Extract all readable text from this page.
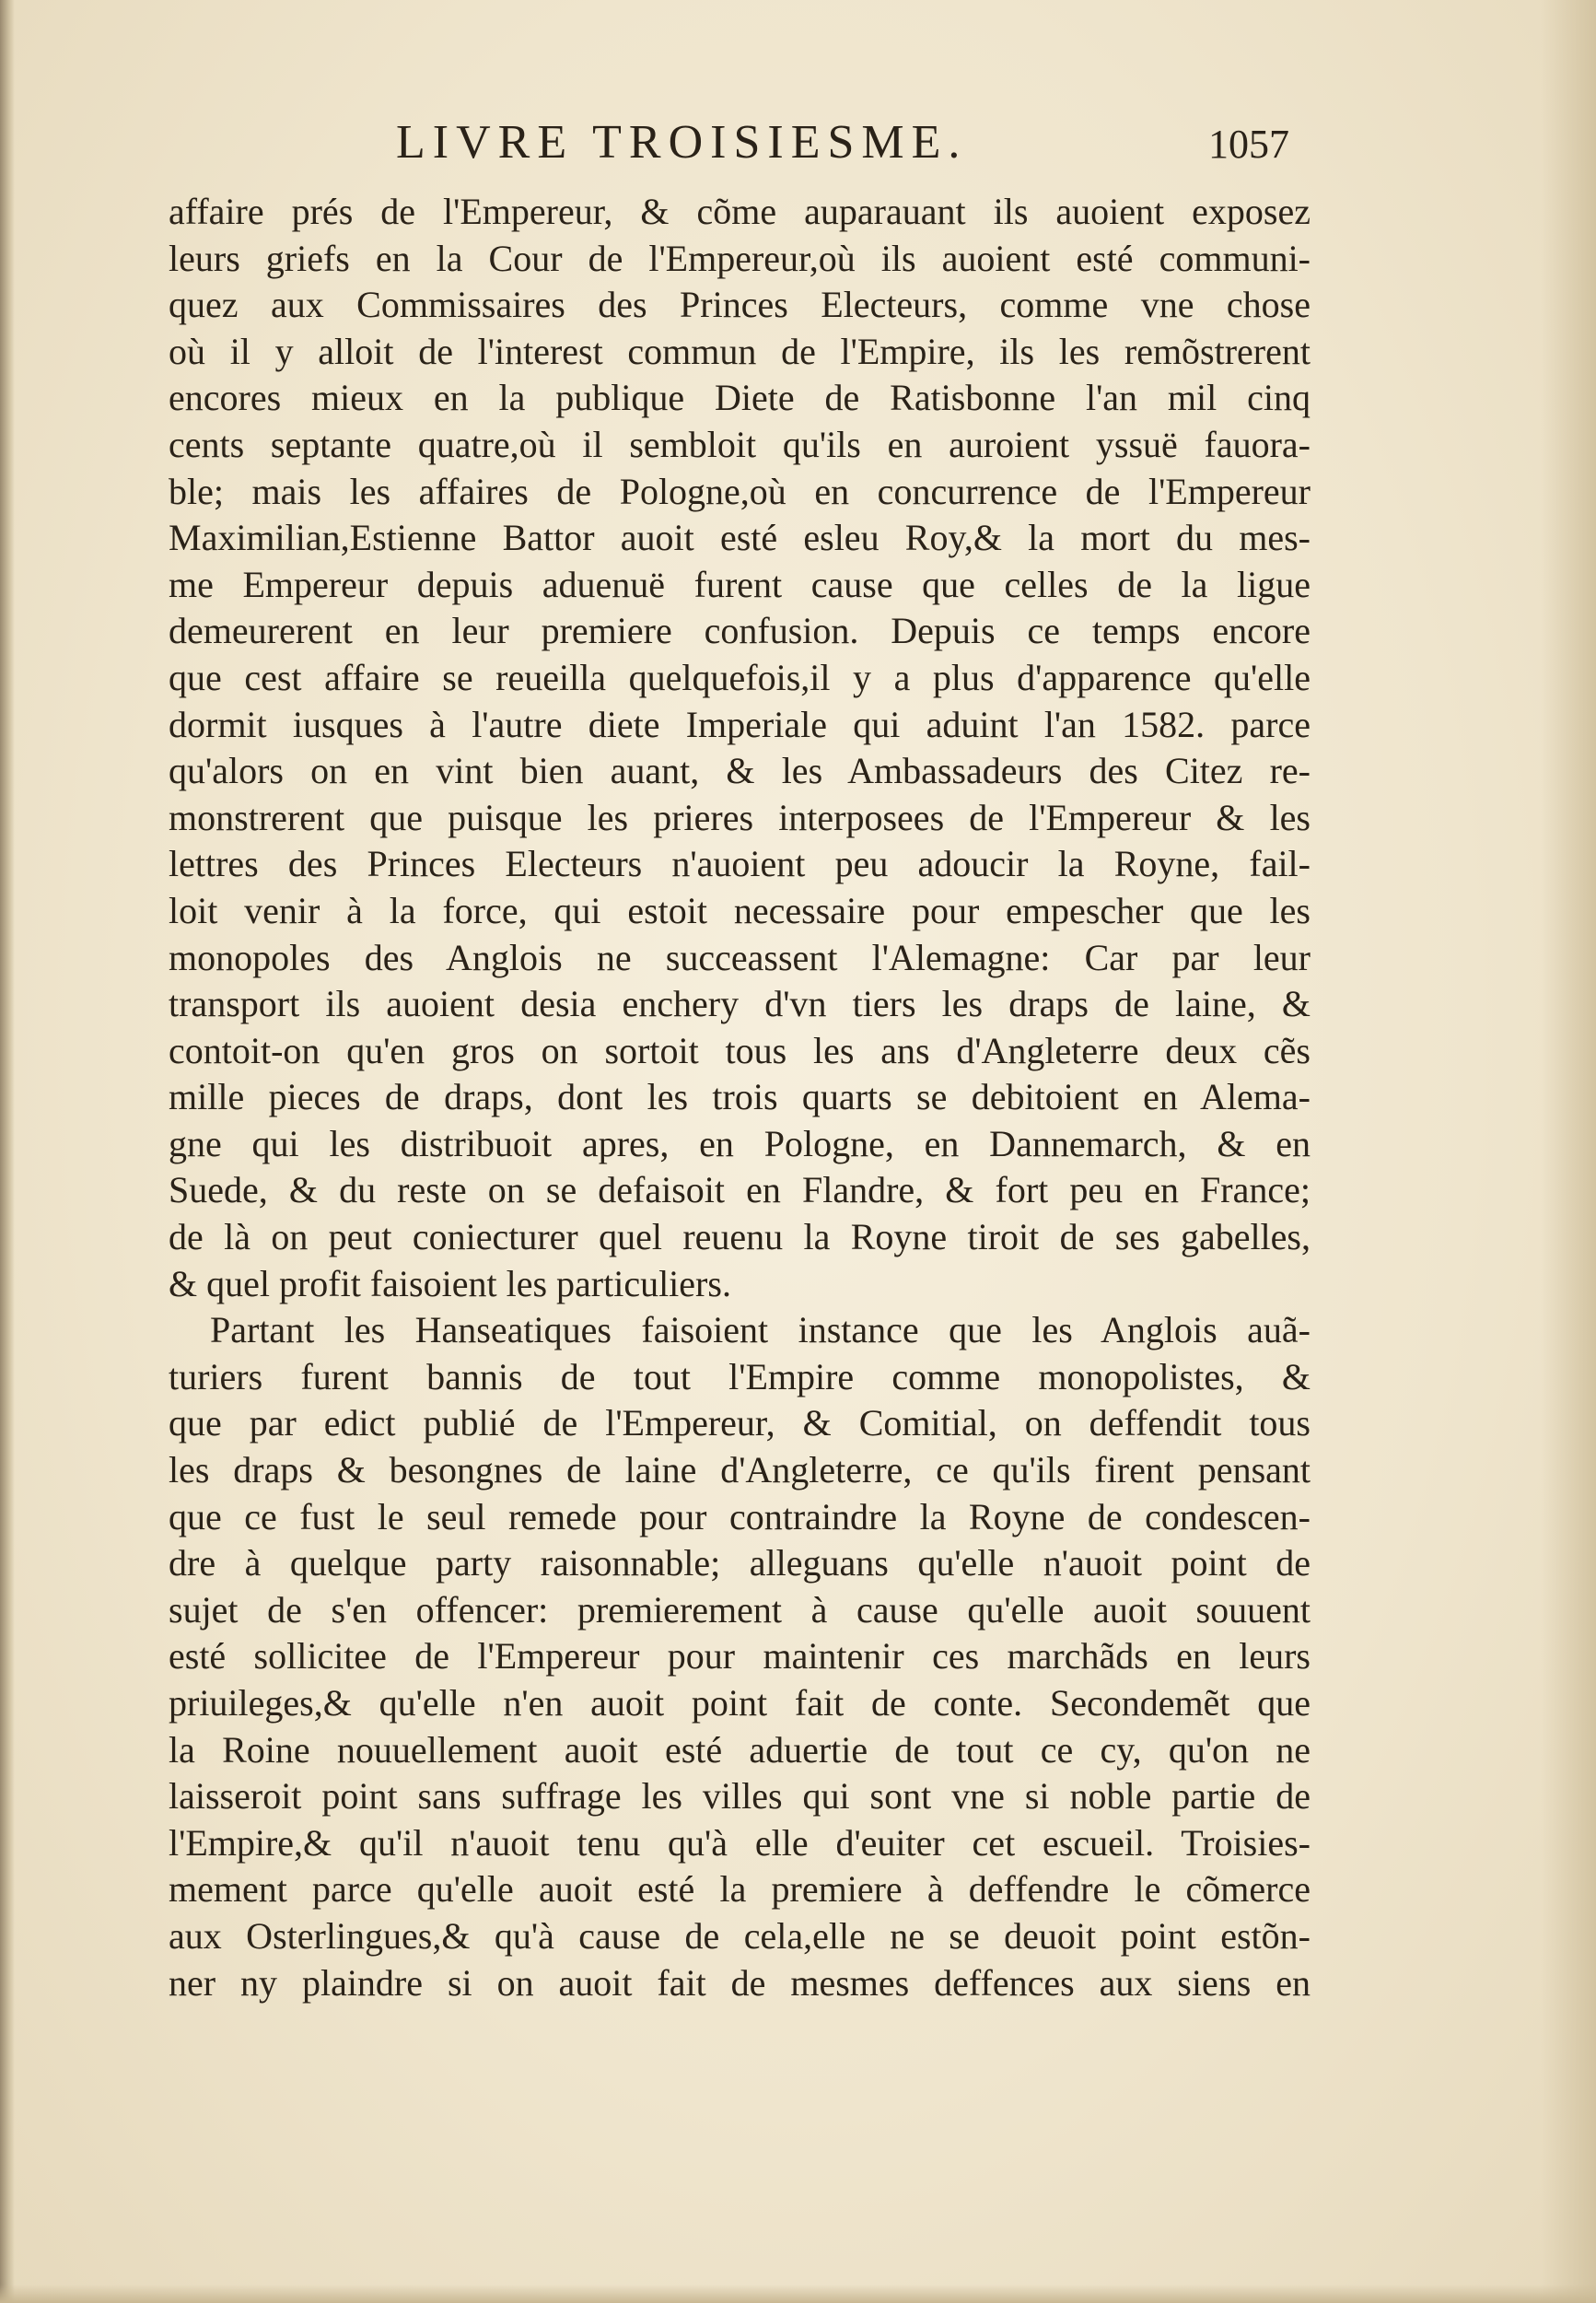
LIVRE TROISIESME.	1057
affaire prés de l'Empereur, & cõme auparauant ils auoient exposez
leurs griefs en la Cour de l'Empereur,où ils auoient esté communi-
quez aux Commissaires des Princes Electeurs, comme vne chose
où il y alloit de l'interest commun de l'Empire, ils les remõstrerent
encores mieux en la publique Diete de Ratisbonne l'an mil cinq
cents septante quatre,où il sembloit qu'ils en auroient yssuë fauora-
ble; mais les affaires de Pologne,où en concurrence de l'Empereur
Maximilian,Estienne Battor auoit esté esleu Roy,& la mort du mes-
me Empereur depuis aduenuë furent cause que celles de la ligue
demeurerent en leur premiere confusion. Depuis ce temps encore
que cest affaire se reueilla quelquefois,il y a plus d'apparence qu'elle
dormit iusques à l'autre diete Imperiale qui aduint l'an 1582. parce
qu'alors on en vint bien auant, & les Ambassadeurs des Citez re-
monstrerent que puisque les prieres interposees de l'Empereur & les
lettres des Princes Electeurs n'auoient peu adoucir la Royne, fail-
loit venir à la force, qui estoit necessaire pour empescher que les
monopoles des Anglois ne succeassent l'Alemagne: Car par leur
transport ils auoient desia enchery d'vn tiers les draps de laine, &
contoit-on qu'en gros on sortoit tous les ans d'Angleterre deux cẽs
mille pieces de draps, dont les trois quarts se debitoient en Alema-
gne qui les distribuoit apres, en Pologne, en Dannemarch, & en
Suede, & du reste on se defaisoit en Flandre, & fort peu en France;
de là on peut coniecturer quel reuenu la Royne tiroit de ses gabelles,
& quel profit faisoient les particuliers.
Partant les Hanseatiques faisoient instance que les Anglois auã-
turiers furent bannis de tout l'Empire comme monopolistes, &
que par edict publié de l'Empereur, & Comitial, on deffendit tous
les draps & besongnes de laine d'Angleterre, ce qu'ils firent pensant
que ce fust le seul remede pour contraindre la Royne de condescen-
dre à quelque party raisonnable; alleguans qu'elle n'auoit point de
sujet de s'en offencer: premierement à cause qu'elle auoit souuent
esté sollicitee de l'Empereur pour maintenir ces marchãds en leurs
priuileges,& qu'elle n'en auoit point fait de conte. Secondemẽt que
la Roine nouuellement auoit esté aduertie de tout ce cy, qu'on ne
laisseroit point sans suffrage les villes qui sont vne si noble partie de
l'Empire,& qu'il n'auoit tenu qu'à elle d'euiter cet escueil. Troisies-
mement parce qu'elle auoit esté la premiere à deffendre le cõmerce
aux Osterlingues,& qu'à cause de cela,elle ne se deuoit point estõn-
ner ny plaindre si on auoit fait de mesmes deffences aux siens en
